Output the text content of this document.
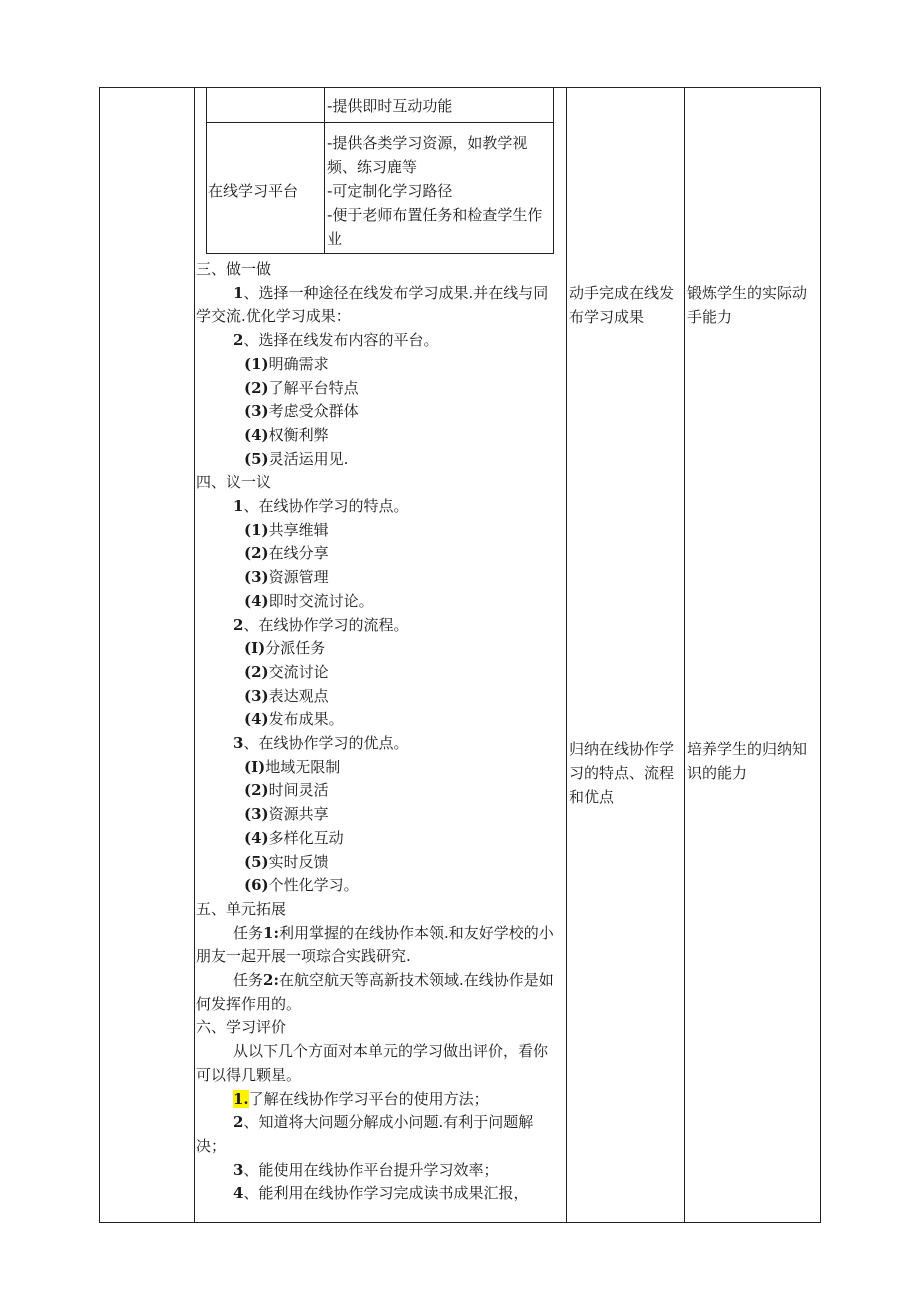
-提供即时互动功能
在线学习平台
-提供各类学习资源，如教学视
频、练习鹿等
-可定制化学习路径
-便于老师布置任务和检查学生作
业
三、做一做
1、选择一种途径在线发布学习成果.并在线与同
学交流.优化学习成果：
2、选择在线发布内容的平台。
(1)明确需求
(2)了解平台特点
(3)考虑受众群体
(4)权衡利弊
(5)灵活运用见.
四、议一议
1、在线协作学习的特点。
(1)共享维辑
(2)在线分享
(3)资源管理
(4)即时交流讨论。
2、在线协作学习的流程。
(I)分派任务
(2)交流讨论
(3)表达观点
(4)发布成果。
3、在线协作学习的优点。
(I)地域无限制
(2)时间灵活
(3)资源共享
(4)多样化互动
(5)实时反馈
(6)个性化学习。
五、单元拓展
任务1:利用掌握的在线协作本领.和友好学校的小
朋友一起开展一项琮合实践研究.
任务2:在航空航天等高新技术领域.在线协作是如
何发挥作用的。
六、学习评价
从以下几个方面对本单元的学习做出评价，看你
可以得几颗星。
1.了解在线协作学习平台的使用方法；
2、知道将大问题分解成小问题.有利于问题解
决；
3、能使用在线协作平台提升学习效率；
4、能利用在线协作学习完成读书成果汇报，
动手完成在线发
布学习成果
归纳在线协作学
习的特点、流程
和优点
锻炼学生的实际动
手能力
培养学生的归纳知
识的能力
